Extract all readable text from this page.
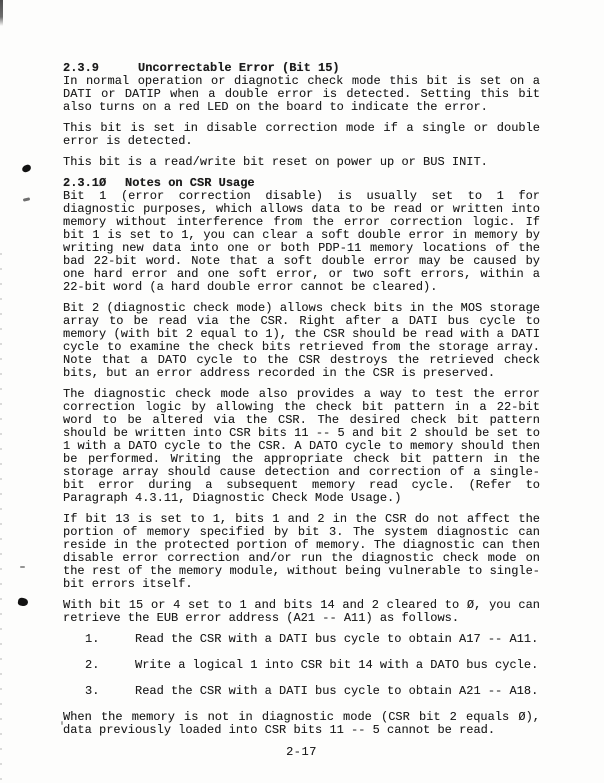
2.3.9	Uncorrectable Error (Bit 15)

In normal operation or diagnotic check mode this bit is set on a DATI or DATIP when a double error is detected. Setting this bit also turns on a red LED on the board to indicate the error.

This bit is set in disable correction mode if a single or double error is detected.

This bit is a read/write bit reset on power up or BUS INIT.

2.3.1Ø Notes on CSR Usage

Bit 1 (error correction disable) is usually set to 1 for diagnostic purposes, which allows data to be read or written into memory without interference from the error correction logic. If bit 1 is set to 1, you can clear a soft double error in memory by writing new data into one or both PDP-11 memory locations of the bad 22-bit word. Note that a soft double error may be caused by one hard error and one soft error, or two soft errors, within a 22-bit word (a hard double error cannot be cleared).

Bit 2 (diagnostic check mode) allows check bits in the MOS storage array to be read via the CSR. Right after a DATI bus cycle to memory (with bit 2 equal to 1), the CSR should be read with a DATI cycle to examine the check bits retrieved from the storage array. Note that a DATO cycle to the CSR destroys the retrieved check bits, but an error address recorded in the CSR is preserved.

The diagnostic check mode also provides a way to test the error correction logic by allowing the check bit pattern in a 22-bit word to be altered via the CSR. The desired check bit pattern should be written into CSR bits 11 -- 5 and bit 2 should be set to 1 with a DATO cycle to the CSR. A DATO cycle to memory should then be performed. Writing the appropriate check bit pattern in the storage array should cause detection and correction of a single-bit error during a subsequent memory read cycle. (Refer to Paragraph 4.3.11, Diagnostic Check Mode Usage.)

If bit 13 is set to 1, bits 1 and 2 in the CSR do not affect the portion of memory specified by bit 3. The system diagnostic can reside in the protected portion of memory. The diagnostic can then disable error correction and/or run the diagnostic check mode on the rest of the memory module, without being vulnerable to single-bit errors itself.

With bit 15 or 4 set to 1 and bits 14 and 2 cleared to Ø, you can retrieve the EUB error address (A21 -- A11) as follows.

1.	Read the CSR with a DATI bus cycle to obtain A17 -- A11.
2.	Write a logical 1 into CSR bit 14 with a DATO bus cycle.
3.	Read the CSR with a DATI bus cycle to obtain A21 -- A18.

When the memory is not in diagnostic mode (CSR bit 2 equals Ø), data previously loaded into CSR bits 11 -- 5 cannot be read.

2-17
